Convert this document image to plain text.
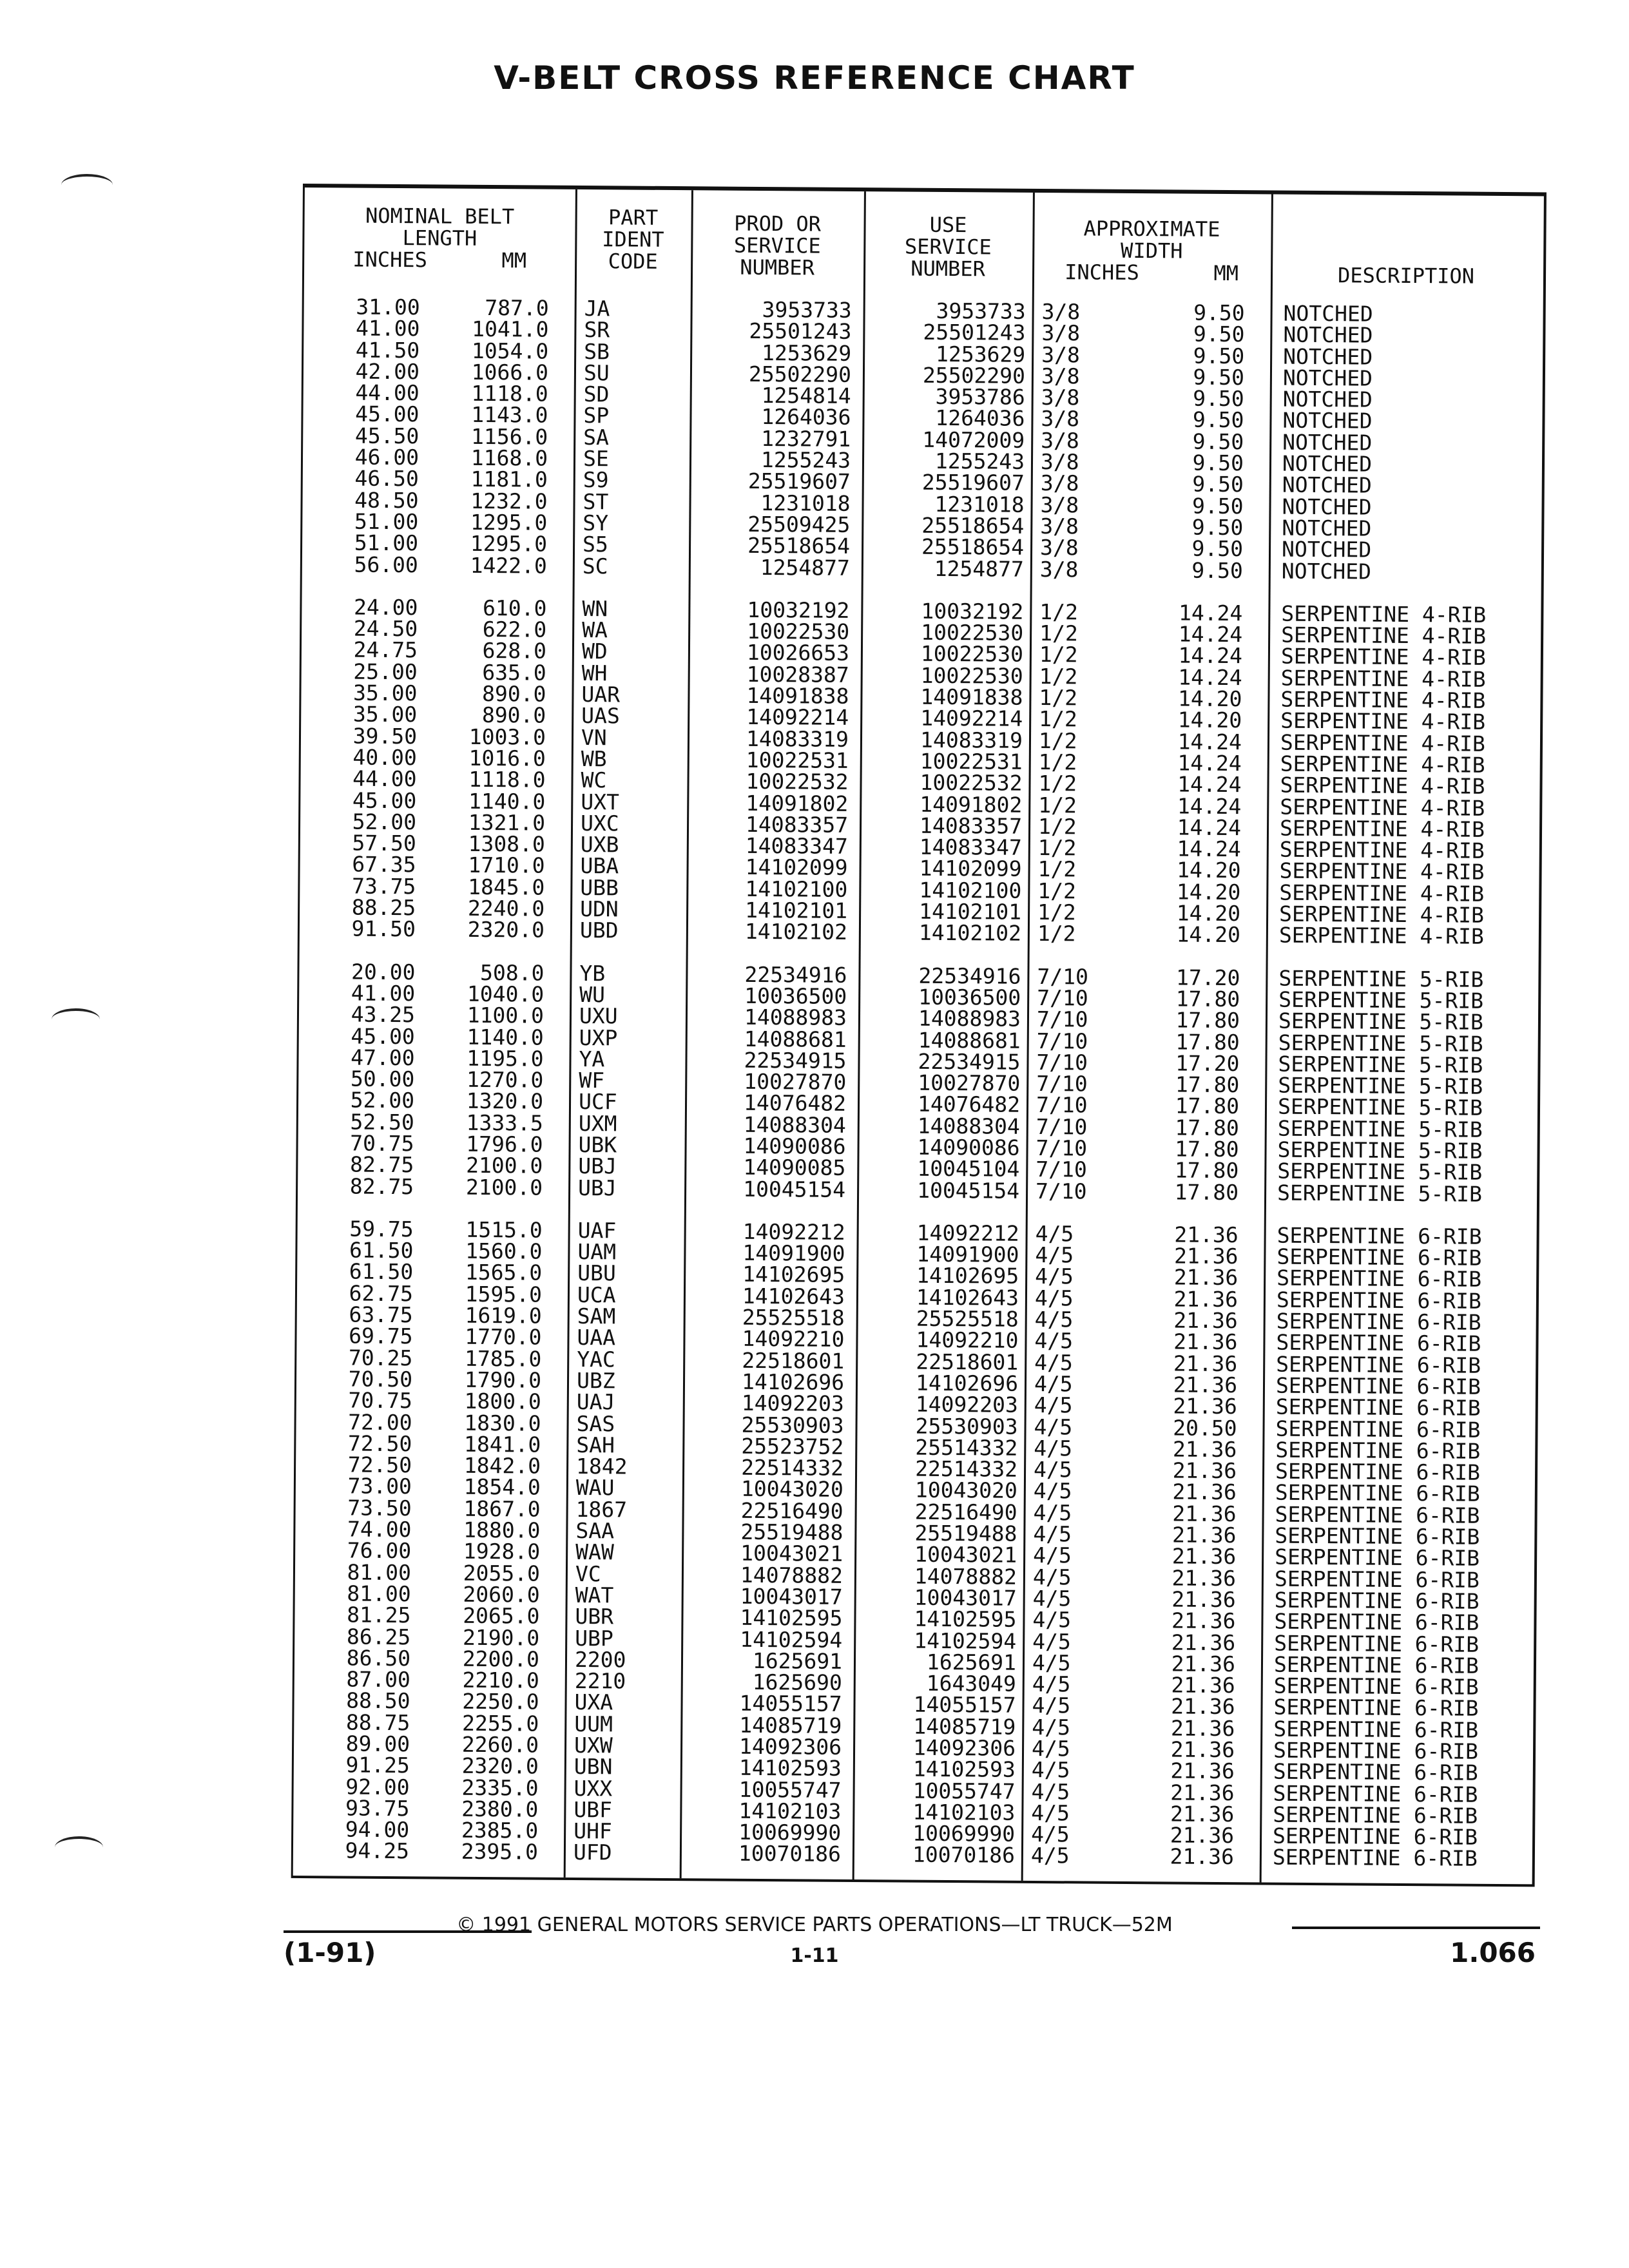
V-BELT CROSS REFERENCE CHART
NOMINAL BELT
LENGTH
INCHES      MM
PART
IDENT
CODE
PROD OR
SERVICE
NUMBER
USE
SERVICE
NUMBER
APPROXIMATE
WIDTH
INCHES      MM	DESCRIPTION
31.00	787.0 JA	3953733	3953733 3/8	9.50 NOTCHED
41.00	1041.0 SR	25501243	25501243 3/8	9.50 NOTCHED
41.50	1054.0 SB	1253629	1253629 3/8	9.50 NOTCHED
42.00	1066.0 SU	25502290	25502290 3/8	9.50 NOTCHED
44.00	1118.0 SD	1254814	3953786 3/8	9.50 NOTCHED
45.00	1143.0 SP	1264036	1264036 3/8	9.50 NOTCHED
45.50	1156.0 SA	1232791	14072009 3/8	9.50 NOTCHED
46.00	1168.0 SE	1255243	1255243 3/8	9.50 NOTCHED
46.50	1181.0 S9	25519607	25519607 3/8	9.50 NOTCHED
48.50	1232.0 ST	1231018	1231018 3/8	9.50 NOTCHED
51.00	1295.0 SY	25509425	25518654 3/8	9.50 NOTCHED
51.00	1295.0 S5	25518654	25518654 3/8	9.50 NOTCHED
56.00	1422.0 SC	1254877	1254877 3/8	9.50 NOTCHED
24.00	610.0 WN	10032192	10032192 1/2	14.24 SERPENTINE 4-RIB
24.50	622.0 WA	10022530	10022530 1/2	14.24 SERPENTINE 4-RIB
24.75	628.0 WD	10026653	10022530 1/2	14.24 SERPENTINE 4-RIB
25.00	635.0 WH	10028387	10022530 1/2	14.24 SERPENTINE 4-RIB
35.00	890.0 UAR	14091838	14091838 1/2	14.20 SERPENTINE 4-RIB
35.00	890.0 UAS	14092214	14092214 1/2	14.20 SERPENTINE 4-RIB
39.50	1003.0 VN	14083319	14083319 1/2	14.24 SERPENTINE 4-RIB
40.00	1016.0 WB	10022531	10022531 1/2	14.24 SERPENTINE 4-RIB
44.00	1118.0 WC	10022532	10022532 1/2	14.24 SERPENTINE 4-RIB
45.00	1140.0 UXT	14091802	14091802 1/2	14.24 SERPENTINE 4-RIB
52.00	1321.0 UXC	14083357	14083357 1/2	14.24 SERPENTINE 4-RIB
57.50	1308.0 UXB	14083347	14083347 1/2	14.24 SERPENTINE 4-RIB
67.35	1710.0 UBA	14102099	14102099 1/2	14.20 SERPENTINE 4-RIB
73.75	1845.0 UBB	14102100	14102100 1/2	14.20 SERPENTINE 4-RIB
88.25	2240.0 UDN	14102101	14102101 1/2	14.20 SERPENTINE 4-RIB
91.50	2320.0 UBD	14102102	14102102 1/2	14.20 SERPENTINE 4-RIB
20.00	508.0 YB	22534916	22534916 7/10	17.20 SERPENTINE 5-RIB
41.00	1040.0 WU	10036500	10036500 7/10	17.80 SERPENTINE 5-RIB
43.25	1100.0 UXU	14088983	14088983 7/10	17.80 SERPENTINE 5-RIB
45.00	1140.0 UXP	14088681	14088681 7/10	17.80 SERPENTINE 5-RIB
47.00	1195.0 YA	22534915	22534915 7/10	17.20 SERPENTINE 5-RIB
50.00	1270.0 WF	10027870	10027870 7/10	17.80 SERPENTINE 5-RIB
52.00	1320.0 UCF	14076482	14076482 7/10	17.80 SERPENTINE 5-RIB
52.50	1333.5 UXM	14088304	14088304 7/10	17.80 SERPENTINE 5-RIB
70.75	1796.0 UBK	14090086	14090086 7/10	17.80 SERPENTINE 5-RIB
82.75	2100.0 UBJ	14090085	10045104 7/10	17.80 SERPENTINE 5-RIB
82.75	2100.0 UBJ	10045154	10045154 7/10	17.80 SERPENTINE 5-RIB
59.75	1515.0 UAF	14092212	14092212 4/5	21.36 SERPENTINE 6-RIB
61.50	1560.0 UAM	14091900	14091900 4/5	21.36 SERPENTINE 6-RIB
61.50	1565.0 UBU	14102695	14102695 4/5	21.36 SERPENTINE 6-RIB
62.75	1595.0 UCA	14102643	14102643 4/5	21.36 SERPENTINE 6-RIB
63.75	1619.0 SAM	25525518	25525518 4/5	21.36 SERPENTINE 6-RIB
69.75	1770.0 UAA	14092210	14092210 4/5	21.36 SERPENTINE 6-RIB
70.25	1785.0 YAC	22518601	22518601 4/5	21.36 SERPENTINE 6-RIB
70.50	1790.0 UBZ	14102696	14102696 4/5	21.36 SERPENTINE 6-RIB
70.75	1800.0 UAJ	14092203	14092203 4/5	21.36 SERPENTINE 6-RIB
72.00	1830.0 SAS	25530903	25530903 4/5	20.50 SERPENTINE 6-RIB
72.50	1841.0 SAH	25523752	25514332 4/5	21.36 SERPENTINE 6-RIB
72.50	1842.0 1842	22514332	22514332 4/5	21.36 SERPENTINE 6-RIB
73.00	1854.0 WAU	10043020	10043020 4/5	21.36 SERPENTINE 6-RIB
73.50	1867.0 1867	22516490	22516490 4/5	21.36 SERPENTINE 6-RIB
74.00	1880.0 SAA	25519488	25519488 4/5	21.36 SERPENTINE 6-RIB
76.00	1928.0 WAW	10043021	10043021 4/5	21.36 SERPENTINE 6-RIB
81.00	2055.0 VC	14078882	14078882 4/5	21.36 SERPENTINE 6-RIB
81.00	2060.0 WAT	10043017	10043017 4/5	21.36 SERPENTINE 6-RIB
81.25	2065.0 UBR	14102595	14102595 4/5	21.36 SERPENTINE 6-RIB
86.25	2190.0 UBP	14102594	14102594 4/5	21.36 SERPENTINE 6-RIB
86.50	2200.0 2200	1625691	1625691 4/5	21.36 SERPENTINE 6-RIB
87.00	2210.0 2210	1625690	1643049 4/5	21.36 SERPENTINE 6-RIB
88.50	2250.0 UXA	14055157	14055157 4/5	21.36 SERPENTINE 6-RIB
88.75	2255.0 UUM	14085719	14085719 4/5	21.36 SERPENTINE 6-RIB
89.00	2260.0 UXW	14092306	14092306 4/5	21.36 SERPENTINE 6-RIB
91.25	2320.0 UBN	14102593	14102593 4/5	21.36 SERPENTINE 6-RIB
92.00	2335.0 UXX	10055747	10055747 4/5	21.36 SERPENTINE 6-RIB
93.75	2380.0 UBF	14102103	14102103 4/5	21.36 SERPENTINE 6-RIB
94.00	2385.0 UHF	10069990	10069990 4/5	21.36 SERPENTINE 6-RIB
94.25	2395.0 UFD	10070186	10070186 4/5	21.36 SERPENTINE 6-RIB
© 1991 GENERAL MOTORS SERVICE PARTS OPERATIONS—LT TRUCK—52M
1-11
(1-91)	1.066
